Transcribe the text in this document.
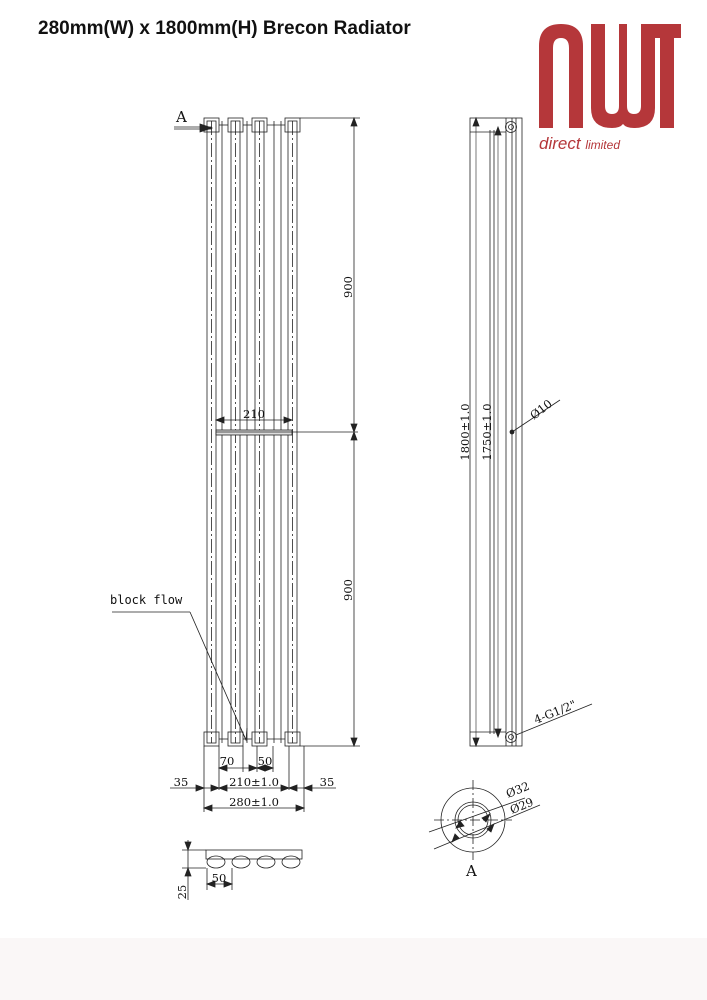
280mm(W) x 1800mm(H) Brecon Radiator
direct limited
A
900
900
210
block flow
70 50
35	210±1.0	35
280±1.0
1800±1.0 1750±1.0	Ø10
4-G1/2"
Ø32
Ø29
A
50
25
